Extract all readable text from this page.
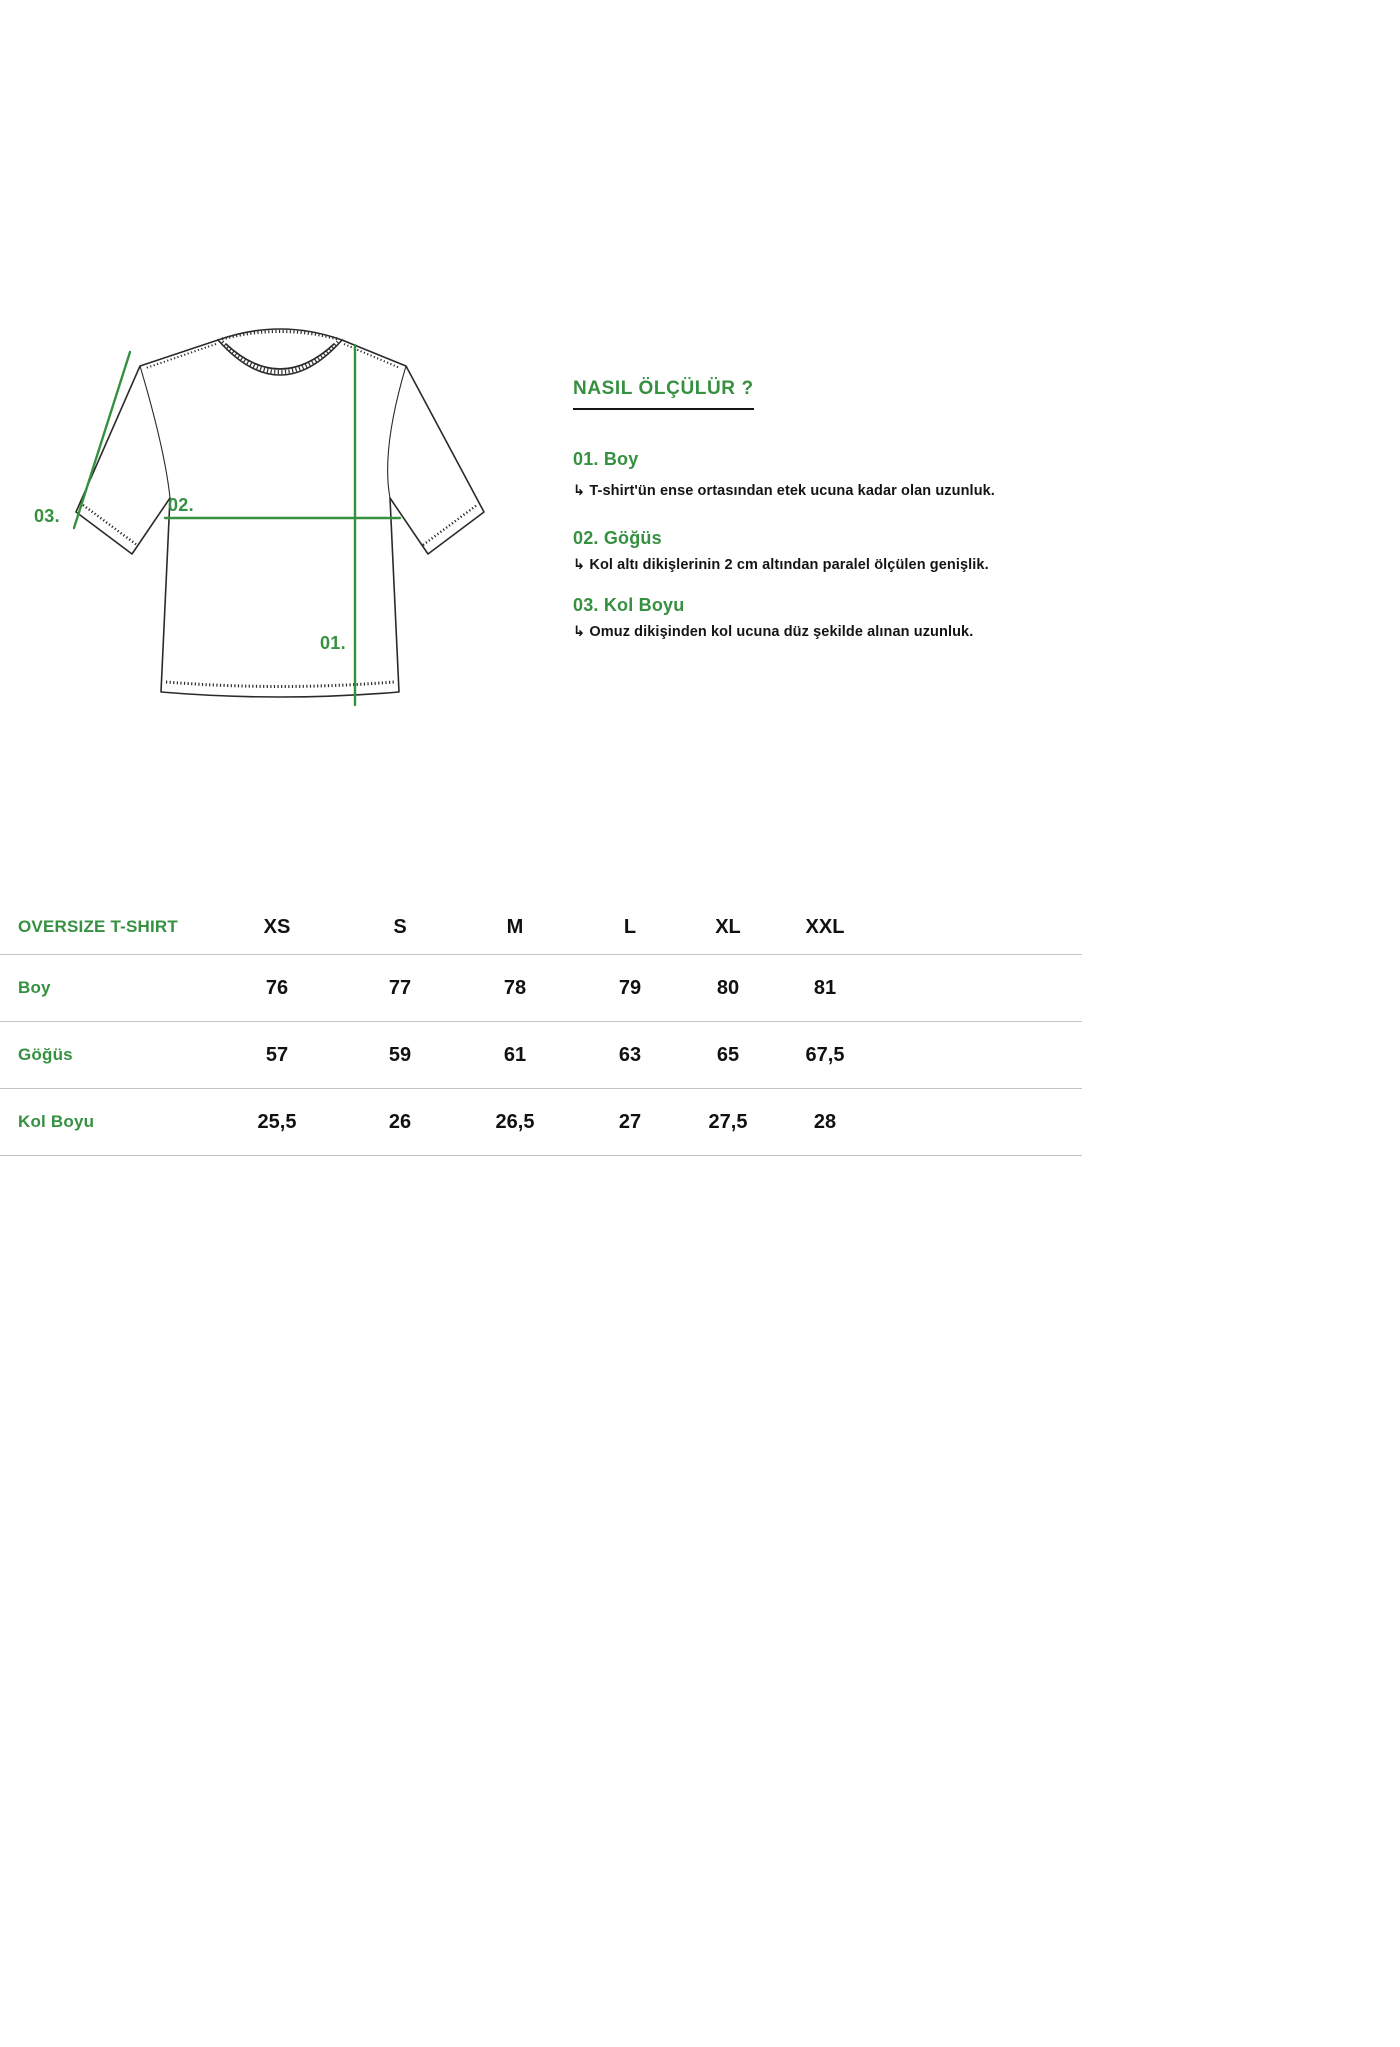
01.
02.
03.
NASIL ÖLÇÜLÜR ?
01. Boy
↳ T-shirt'ün ense ortasından etek ucuna kadar olan uzunluk.
02. Göğüs
↳ Kol altı dikişlerinin 2 cm altından paralel ölçülen genişlik.
03. Kol Boyu
↳ Omuz dikişinden kol ucuna düz şekilde alınan uzunluk.
OVERSIZE T-SHIRT	XS	S	M	L	XL	XXL
Boy	76	77	78	79	80	81
Göğüs	57	59	61	63	65	67,5
Kol Boyu	25,5	26	26,5	27	27,5	28
